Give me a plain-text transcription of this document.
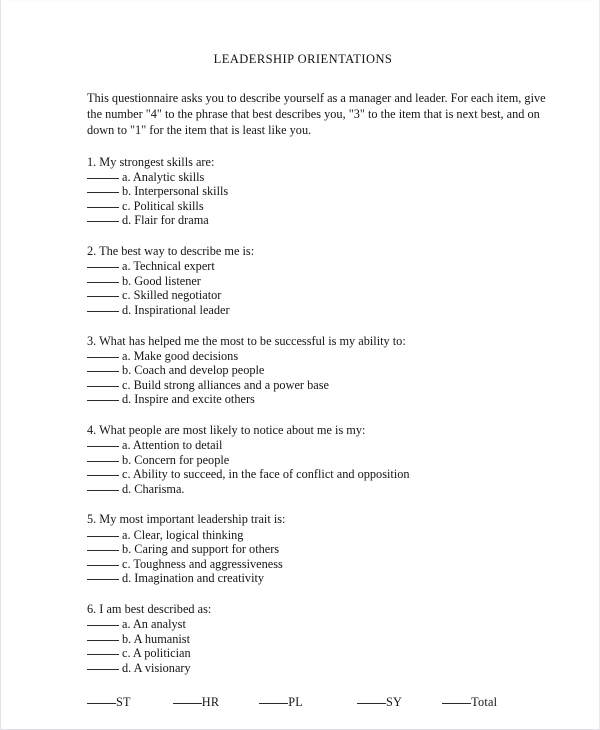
LEADERSHIP ORIENTATIONS

This questionnaire asks you to describe yourself as a manager and leader. For each item, give the number "4" to the phrase that best describes you, "3" to the item that is next best, and on down to "1" for the item that is least like you.

1. My strongest skills are:
a. Analytic skills
b. Interpersonal skills
c. Political skills
d. Flair for drama
2. The best way to describe me is:
a. Technical expert
b. Good listener
c. Skilled negotiator
d. Inspirational leader
3. What has helped me the most to be successful is my ability to:
a. Make good decisions
b. Coach and develop people
c. Build strong alliances and a power base
d. Inspire and excite others
4. What people are most likely to notice about me is my:
a. Attention to detail
b. Concern for people
c. Ability to succeed, in the face of conflict and opposition
d. Charisma.
5. My most important leadership trait is:
a. Clear, logical thinking
b. Caring and support for others
c. Toughness and aggressiveness
d. Imagination and creativity
6. I am best described as:
a. An analyst
b. A humanist
c. A politician
d. A visionary
ST	HR	PL	SY	Total
